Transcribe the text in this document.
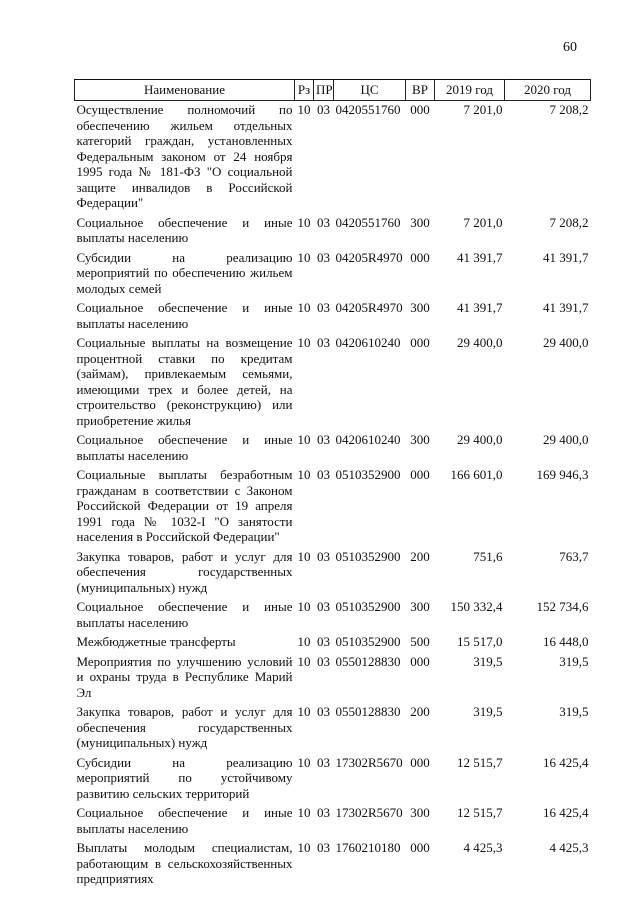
60
Наименование	Рз	ПР	ЦС	ВР	2019 год	2020 год
Осуществление полномочий по обеспечению жильем отдельных категорий граждан, установленных Федеральным законом от 24 ноября 1995 года № 181-ФЗ "О социальной защите инвалидов в Российской Федерации"	10	03	0420551760	000	7 201,0	7 208,2
Социальное обеспечение и иные выплаты населению	10	03	0420551760	300	7 201,0	7 208,2
Субсидии на реализацию мероприятий по обеспечению жильем молодых семей	10	03	04205R4970	000	41 391,7	41 391,7
Социальное обеспечение и иные выплаты населению	10	03	04205R4970	300	41 391,7	41 391,7
Социальные выплаты на возмещение процентной ставки по кредитам (займам), привлекаемым семьями, имеющими трех и более детей, на строительство (реконструкцию) или приобретение жилья	10	03	0420610240	000	29 400,0	29 400,0
Социальное обеспечение и иные выплаты населению	10	03	0420610240	300	29 400,0	29 400,0
Социальные выплаты безработным гражданам в соответствии с Законом Российской Федерации от 19 апреля 1991 года № 1032-I "О занятости населения в Российской Федерации"	10	03	0510352900	000	166 601,0	169 946,3
Закупка товаров, работ и услуг для обеспечения государственных (муниципальных) нужд	10	03	0510352900	200	751,6	763,7
Социальное обеспечение и иные выплаты населению	10	03	0510352900	300	150 332,4	152 734,6
Межбюджетные трансферты	10	03	0510352900	500	15 517,0	16 448,0
Мероприятия по улучшению условий и охраны труда в Республике Марий Эл	10	03	0550128830	000	319,5	319,5
Закупка товаров, работ и услуг для обеспечения государственных (муниципальных) нужд	10	03	0550128830	200	319,5	319,5
Субсидии на реализацию мероприятий по устойчивому развитию сельских территорий	10	03	17302R5670	000	12 515,7	16 425,4
Социальное обеспечение и иные выплаты населению	10	03	17302R5670	300	12 515,7	16 425,4
Выплаты молодым специалистам, работающим в сельскохозяйственных предприятиях	10	03	1760210180	000	4 425,3	4 425,3
